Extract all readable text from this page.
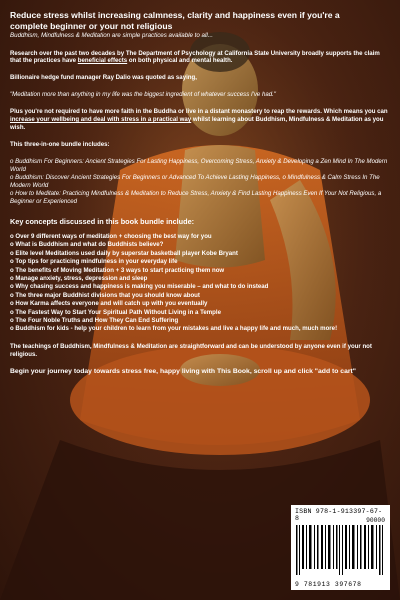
Reduce stress whilst increasing calmness, clarity and happiness even if you're a
complete beginner or your not religious
Buddhism, Mindfulness & Meditation are simple practices available to all...

Research over the past two decades by The Department of Psychology at California State University broadly supports the claim that the practices have beneficial effects on both physical and mental health.

Billionaire hedge fund manager Ray Dalio was quoted as saying,

"Meditation more than anything in my life was the biggest ingredient of whatever success I've had."

Plus you're not required to have more faith in the Buddha or live in a distant monastery to reap the rewards. Which means you can increase your wellbeing and deal with stress in a practical way whilst learning about Buddhism, Mindfulness & Meditation as you wish.

This three-in-one bundle includes:

o Buddhism For Beginners: Ancient Strategies For Lasting Happiness, Overcoming Stress, Anxiety & Developing a Zen Mind In The Modern World
o Buddhism: Discover Ancient Strategies For Beginners or Advanced To Achieve Lasting Happiness, o Mindfulness & Calm Stress In The Modern World
o How to Meditate: Practicing Mindfulness & Meditation to Reduce Stress, Anxiety & Find Lasting Happiness Even If Your Not Religious, a Beginner or Experienced
Key concepts discussed in this book bundle include:
o Over 9 different ways of meditation + choosing the best way for you
o What is Buddhism and what do Buddhists believe?
o Elite level Meditations used daily by superstar basketball player Kobe Bryant
o Top tips for practicing mindfulness in your everyday life
o The benefits of Moving Meditation + 3 ways to start practicing them now
o Manage anxiety, stress, depression and sleep
o Why chasing success and happiness is making you miserable – and what to do instead
o The three major Buddhist divisions that you should know about
o How Karma affects everyone and will catch up with you eventually
o The Fastest Way to Start Your Spiritual Path Without Living in a Temple
o The Four Noble Truths and How They Can End Suffering
o Buddhism for kids - help your children to learn from your mistakes and live a happy life and much, much more!

The teachings of Buddhism, Mindfulness & Meditation are straightforward and can be understood by anyone even if your not religious.

Begin your journey today towards stress free, happy living with This Book, scroll up and click "add to cart"

ISBN 978-1-913397-67-8	90000
9 781913 397678
